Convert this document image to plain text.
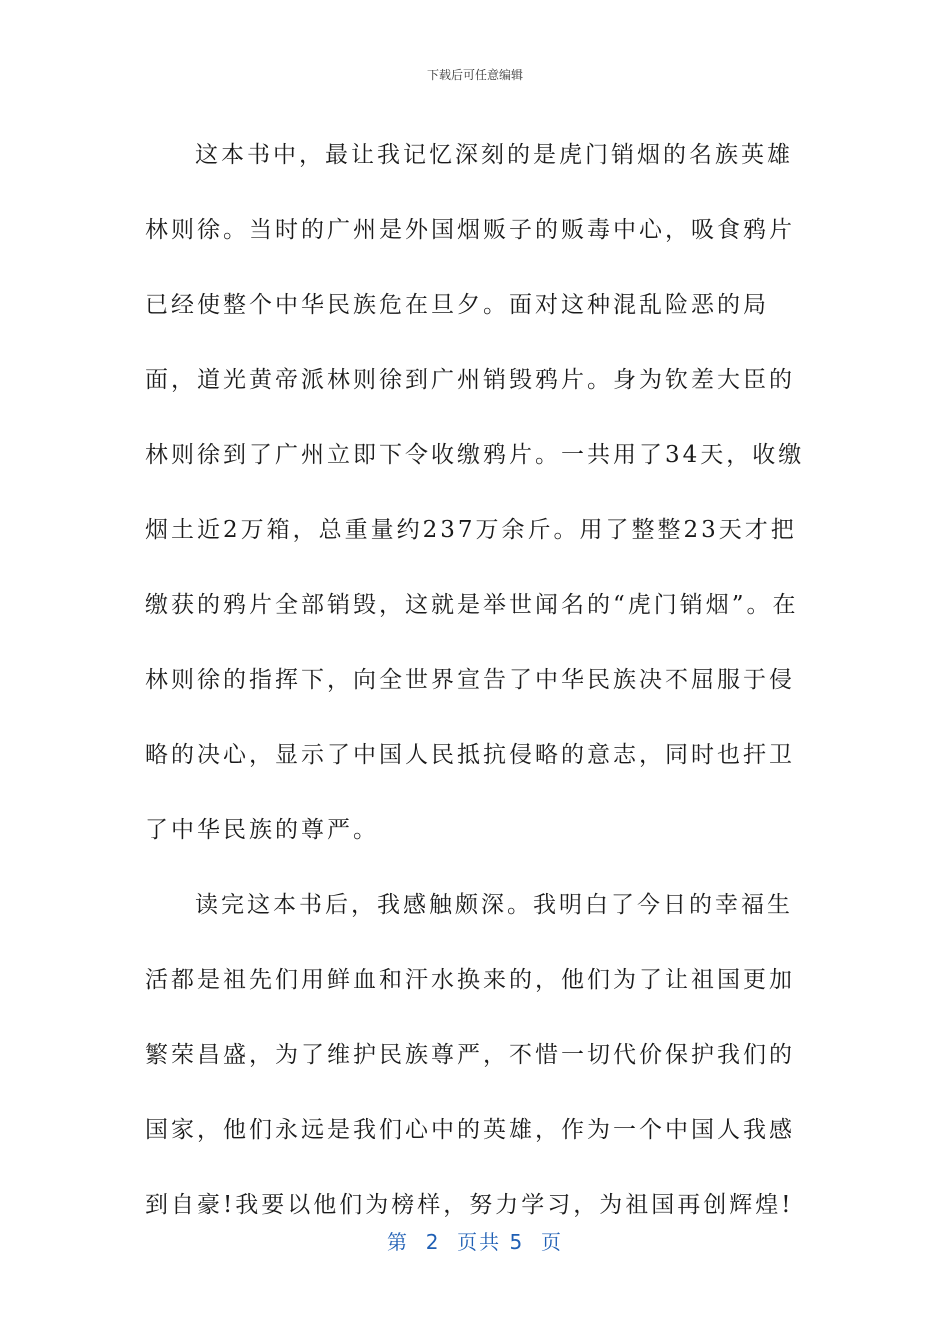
下载后可任意编辑

这本书中，最让我记忆深刻的是虎门销烟的名族英雄林则徐。当时的广州是外国烟贩子的贩毒中心，吸食鸦片已经使整个中华民族危在旦夕。面对这种混乱险恶的局面，道光黄帝派林则徐到广州销毁鸦片。身为钦差大臣的林则徐到了广州立即下令收缴鸦片。一共用了34天，收缴烟土近2万箱，总重量约237万余斤。用了整整23天才把缴获的鸦片全部销毁，这就是举世闻名的“虎门销烟”。在林则徐的指挥下，向全世界宣告了中华民族决不屈服于侵略的决心，显示了中国人民抵抗侵略的意志，同时也扞卫了中华民族的尊严。

读完这本书后，我感触颇深。我明白了今日的幸福生活都是祖先们用鲜血和汗水换来的，他们为了让祖国更加繁荣昌盛，为了维护民族尊严，不惜一切代价保护我们的国家，他们永远是我们心中的英雄，作为一个中国人我感到自豪!我要以他们为榜样，努力学习，为祖国再创辉煌!

第  2  页共 5  页
